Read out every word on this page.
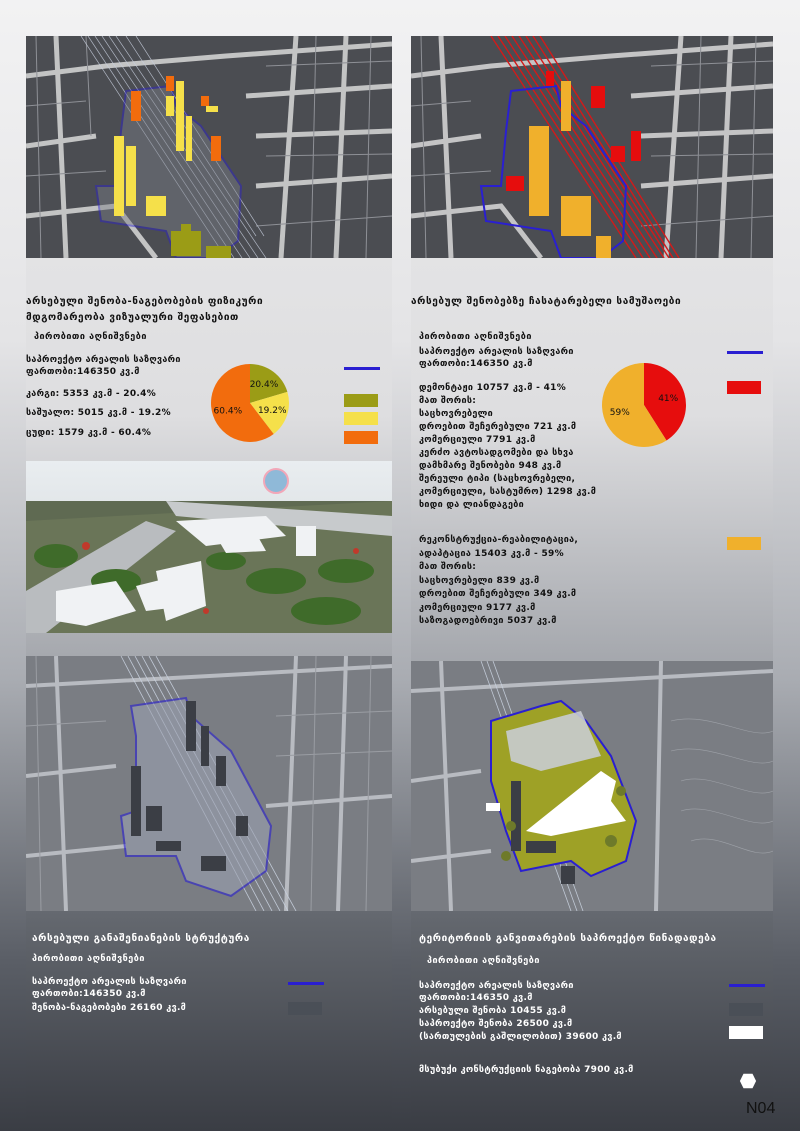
არსებული შენობა-ნაგებობების ფიზიკური
მდგომარეობა ვიზუალური შეფასებით
პირობითი აღნიშვნები
საპროექტო არეალის საზღვარი
ფართობი:146350 კვ.მ
კარგი: 5353 კვ.მ - 20.4%
საშუალო: 5015 კვ.მ - 19.2%
ცუდი: 1579 კვ.მ - 60.4%
20.4%
19.2%
60.4%
არსებული განაშენიანების სტრუქტურა
პირობითი აღნიშვნები
საპროექტო არეალის საზღვარი
ფართობი:146350 კვ.მ
შენობა-ნაგებობები 26160 კვ.მ
არსებულ შენობებზე ჩასატარებელი სამუშაოები
პირობითი აღნიშვნები
საპროექტო არეალის საზღვარი
ფართობი:146350 კვ.მ
დემონტაჟი 10757 კვ.მ - 41%
მათ შორის:
საცხოვრებელი
დროებით შეჩერებული 721 კვ.მ
კომერციული 7791 კვ.მ
კერძო ავტოსადგომები და სხვა
დამხმარე შენობები 948 კვ.მ
შერეული ტიპი (საცხოვრებელი,
კომერციული, სასტუმრო) 1298 კვ.მ
ხიდი და ლიანდაგები
რეკონსტრუქცია-რეაბილიტაცია,
ადაპტაცია 15403 კვ.მ - 59%
მათ შორის:
საცხოვრებელი 839 კვ.მ
დროებით შეჩერებული 349 კვ.მ
კომერციული 9177 კვ.მ
საზოგადოებრივი 5037 კვ.მ
41%
59%
ტერიტორიის განვითარების საპროექტო წინადადება
პირობითი აღნიშვნები
საპროექტო არეალის საზღვარი
ფართობი:146350 კვ.მ
არსებული შენობა 10455 კვ.მ
საპროექტო შენობა 26500 კვ.მ
(სართულების გაშლილობით) 39600 კვ.მ
მსუბუქი კონსტრუქციის ნაგებობა 7900 კვ.მ
N04
